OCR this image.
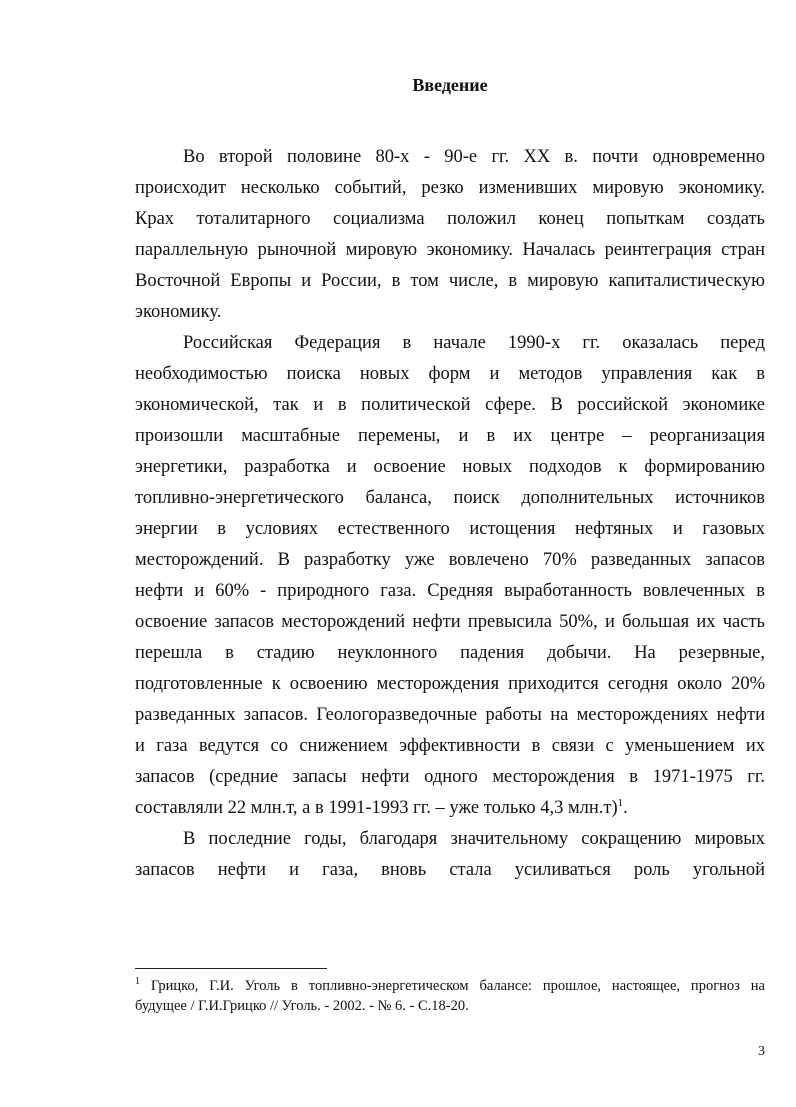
Введение
Во второй половине 80-х - 90-е гг. XX в. почти одновременно
происходит несколько событий, резко изменивших мировую экономику.
Крах тоталитарного социализма положил конец попыткам создать
параллельную рыночной мировую экономику. Началась реинтеграция стран
Восточной Европы и России, в том числе, в мировую капиталистическую
экономику.
Российская Федерация в начале 1990-х гг. оказалась перед
необходимостью поиска новых форм и методов управления как в
экономической, так и в политической сфере. В российской экономике
произошли масштабные перемены, и в их центре – реорганизация
энергетики, разработка и освоение новых подходов к формированию
топливно-энергетического баланса, поиск дополнительных источников
энергии в условиях естественного истощения нефтяных и газовых
месторождений. В разработку уже вовлечено 70% разведанных запасов
нефти и 60% - природного газа. Средняя выработанность вовлеченных в
освоение запасов месторождений нефти превысила 50%, и большая их часть
перешла в стадию неуклонного падения добычи. На резервные,
подготовленные к освоению месторождения приходится сегодня около 20%
разведанных запасов. Геологоразведочные работы на месторождениях нефти
и газа ведутся со снижением эффективности в связи с уменьшением их
запасов (средние запасы нефти одного месторождения в 1971-1975 гг.
составляли 22 млн.т, а в 1991-1993 гг. – уже только 4,3 млн.т)$^1$.
В последние годы, благодаря значительному сокращению мировых
запасов нефти и газа, вновь стала усиливаться роль угольной
$^1$ Грицко, Г.И. Уголь в топливно-энергетическом балансе: прошлое, настоящее, прогноз на
будущее / Г.И.Грицко // Уголь. - 2002. - № 6. - С.18-20.
3
